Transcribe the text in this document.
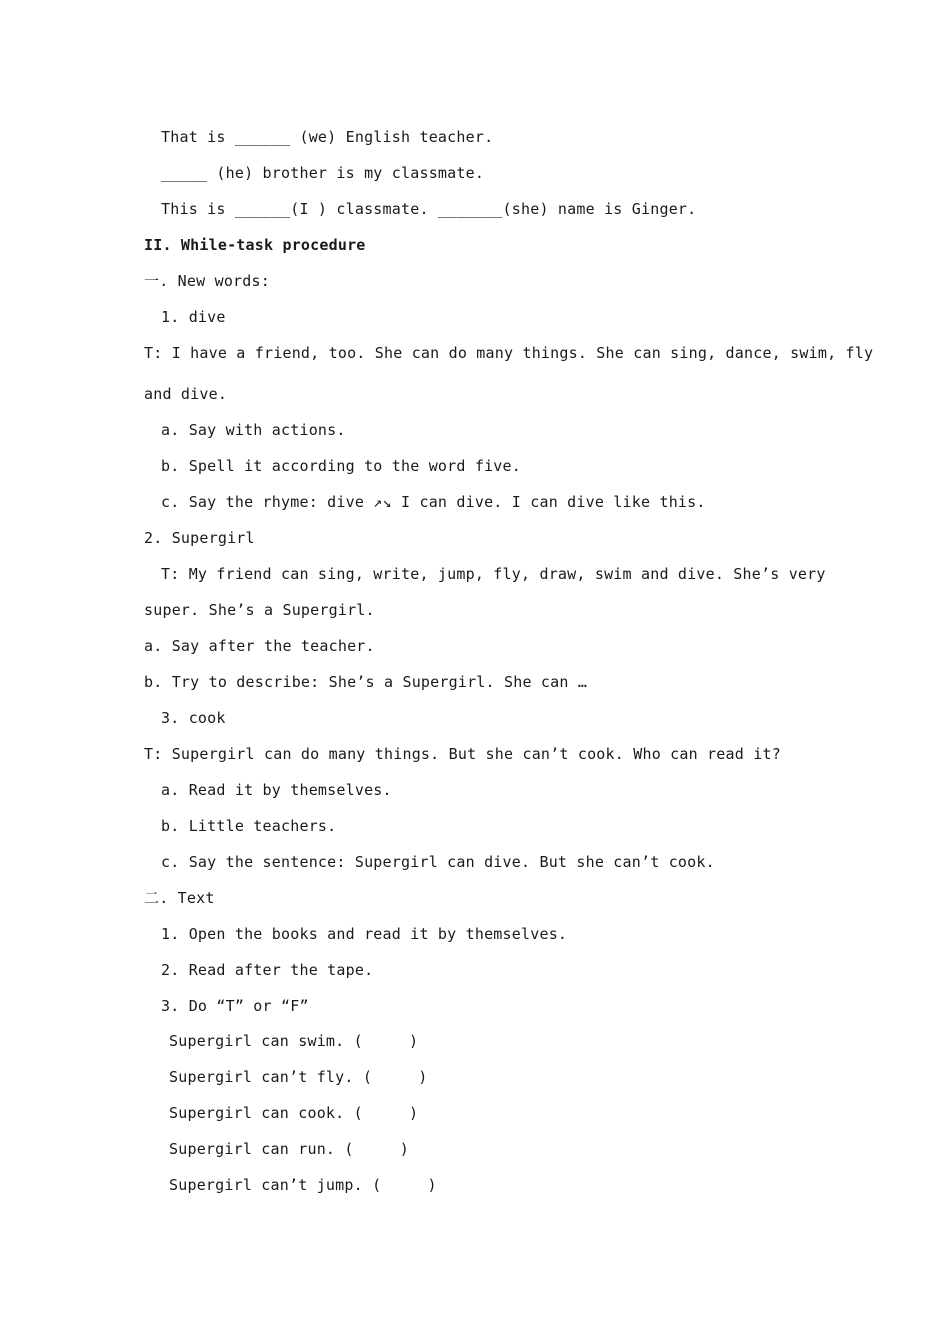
That is ______ (we) English teacher.
_____ (he) brother is my classmate.
This is ______(I ) classmate. _______(she) name is Ginger.
II. While-task procedure
一. New words:
1. dive
T: I have a friend, too. She can do many things. She can sing, dance, swim, fly
and dive.
a. Say with actions.
b. Spell it according to the word five.
c. Say the rhyme: dive ↗↘ I can dive. I can dive like this.
2. Supergirl
T: My friend can sing, write, jump, fly, draw, swim and dive. She’s very
super. She’s a Supergirl.
a. Say after the teacher.
b. Try to describe: She’s a Supergirl. She can …
3. cook
T: Supergirl can do many things. But she can’t cook. Who can read it?
a. Read it by themselves.
b. Little teachers.
c. Say the sentence: Supergirl can dive. But she can’t cook.
二. Text
1. Open the books and read it by themselves.
2. Read after the tape.
3. Do “T” or “F”
Supergirl can swim. (     )
Supergirl can’t fly. (     )
Supergirl can cook. (     )
Supergirl can run. (     )
Supergirl can’t jump. (     )
